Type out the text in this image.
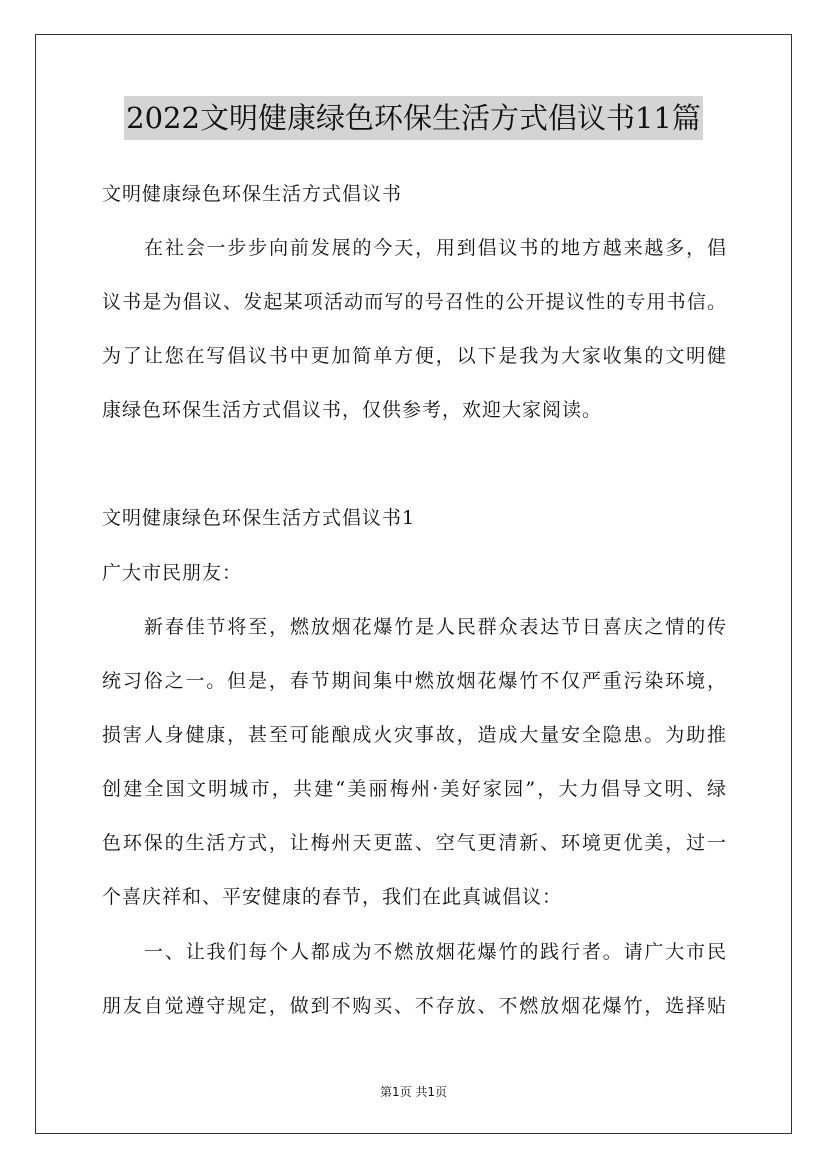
2022文明健康绿色环保生活方式倡议书11篇
文明健康绿色环保生活方式倡议书
在社会一步步向前发展的今天，用到倡议书的地方越来越多，倡
议书是为倡议、发起某项活动而写的号召性的公开提议性的专用书信。
为了让您在写倡议书中更加简单方便，以下是我为大家收集的文明健
康绿色环保生活方式倡议书，仅供参考，欢迎大家阅读。
文明健康绿色环保生活方式倡议书1
广大市民朋友：
新春佳节将至，燃放烟花爆竹是人民群众表达节日喜庆之情的传
统习俗之一。但是，春节期间集中燃放烟花爆竹不仅严重污染环境，
损害人身健康，甚至可能酿成火灾事故，造成大量安全隐患。为助推
创建全国文明城市，共建“美丽梅州·美好家园”，大力倡导文明、绿
色环保的生活方式，让梅州天更蓝、空气更清新、环境更优美，过一
个喜庆祥和、平安健康的春节，我们在此真诚倡议：
一、让我们每个人都成为不燃放烟花爆竹的践行者。请广大市民
朋友自觉遵守规定，做到不购买、不存放、不燃放烟花爆竹，选择贴
第1页 共1页
